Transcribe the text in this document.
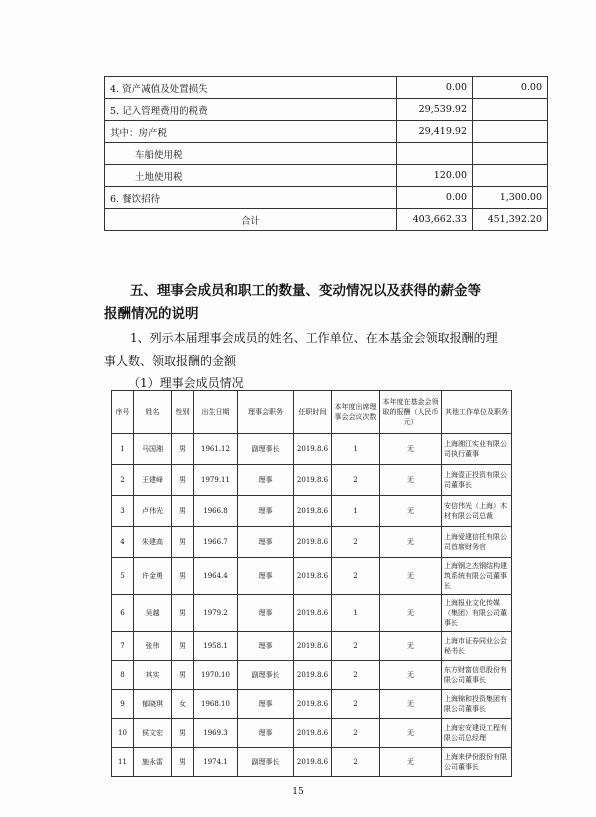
4. 资产减值及处置损失	0.00	0.00
5. 记入管理费用的税费	29,539.92	
其中：房产税	29,419.92	
车船使用税		
土地使用税	120.00	
6. 餐饮招待	0.00	1,300.00
合计	403,662.33	451,392.20
五、理事会成员和职工的数量、变动情况以及获得的薪金等
报酬情况的说明
1、列示本届理事会成员的姓名、工作单位、在本基金会领取报酬的理
事人数、领取报酬的金额
（1）理事会成员情况
序号	姓名	性别	出生日期	理事会职务	任职时间	本年度出席理事会会议次数	本年度在基金会领取的报酬（人民币元）	其他工作单位及职务
1	马国湘	男	1961.12	副理事长	2019.8.6	1	无	上海湘江实业有限公司执行董事
2	王建峰	男	1979.11	理事	2019.8.6	2	无	上海壹正投资有限公司董事长
3	卢伟光	男	1966.8	理事	2019.8.6	1	无	安信伟光（上海）木材有限公司总裁
4	朱建高	男	1966.7	理事	2019.8.6	2	无	上海爱建信托有限公司首席财务官
5	许金勇	男	1964.4	理事	2019.8.6	2	无	上海钢之杰钢结构建筑系统有限公司董事长
6	吴越	男	1979.2	理事	2019.8.6	1	无	上海报业文化传媒（集团）有限公司董事长
7	张伟	男	1958.1	理事	2019.8.6	2	无	上海市证券同业公会秘书长
8	其实	男	1970.10	副理事长	2019.8.6	2	无	东方财富信息股份有限公司董事长
9	郁晓琪	女	1968.10	理事	2019.8.6	2	无	上海锦和投资集团有限公司董事长
10	侯文宏	男	1969.3	理事	2019.8.6	2	无	上海宏安建设工程有限公司总经理
11	施永雷	男	1974.1	副理事长	2019.8.6	2	无	上海来伊份股份有限公司董事长
15
